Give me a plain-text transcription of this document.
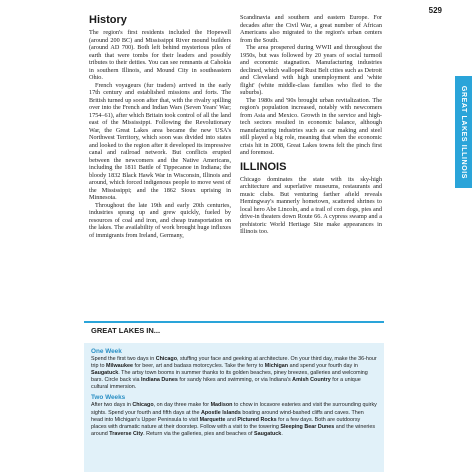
529
GREAT LAKES ILLINOIS
History

The region's first residents included the Hopewell (around 200 BC) and Mississippi River mound builders (around AD 700). Both left behind mysterious piles of earth that were tombs for their leaders and possibly tributes to their deities. You can see remnants at Cahokia in southern Illinois, and Mound City in southeastern Ohio.

French voyageurs (fur traders) arrived in the early 17th century and established missions and forts. The British turned up soon after that, with the rivalry spilling over into the French and Indian Wars (Seven Years' War; 1754–61), after which Britain took control of all the land east of the Mississippi. Following the Revolutionary War, the Great Lakes area became the new USA's Northwest Territory, which soon was divided into states and looked to the region after it developed its impressive canal and railroad network. But conflicts erupted between the newcomers and the Native Americans, including the 1811 Battle of Tippecanoe in Indiana; the bloody 1832 Black Hawk War in Wisconsin, Illinois and around, which forced indigenous people to move west of the Mississippi; and the 1862 Sioux uprising in Minnesota.

Throughout the late 19th and early 20th centuries, industries sprang up and grew quickly, fueled by resources of coal and iron, and cheap transportation on the lakes. The availability of work brought huge influxes of immigrants from Ireland, Germany,

Scandinavia and southern and eastern Europe. For decades after the Civil War, a great number of African Americans also migrated to the region's urban centers from the South.

The area prospered during WWII and throughout the 1950s, but was followed by 20 years of social turmoil and economic stagnation. Manufacturing industries declined, which walloped Rust Belt cities such as Detroit and Cleveland with high unemployment and 'white flight' (white middle-class families who fled to the suburbs).

The 1980s and '90s brought urban revitalization. The region's population increased, notably with newcomers from Asia and Mexico. Growth in the service and high-tech sectors resulted in economic balance, although manufacturing industries such as car making and steel still played a big role, meaning that when the economic crisis hit in 2008, Great Lakes towns felt the pinch first and foremost.

ILLINOIS

Chicago dominates the state with its sky-high architecture and superlative museums, restaurants and music clubs. But venturing farther afield reveals Hemingway's mannerly hometown, scattered shrines to local hero Abe Lincoln, and a trail of corn dogs, pies and drive-in theaters down Route 66. A cypress swamp and a prehistoric World Heritage Site make appearances in Illinois too.

GREAT LAKES IN...
One Week

Spend the first two days in Chicago, stuffing your face and geeking at architecture. On your third day, make the 36-hour trip to Milwaukee for beer, art and badass motorcycles. Take the ferry to Michigan and spend your fourth day in Saugatuck. The artsy town booms in summer thanks to its golden beaches, piney breezes, galleries and welcoming bars. Circle back via Indiana Dunes for sandy hikes and swimming, or via Indiana's Amish Country for a unique cultural immersion.

Two Weeks

After two days in Chicago, on day three make for Madison to chow in locavore eateries and visit the surrounding quirky sights. Spend your fourth and fifth days at the Apostle Islands boating around wind-bashed cliffs and caves. Then head into Michigan's Upper Peninsula to visit Marquette and Pictured Rocks for a few days. Both are outdoorsy places with dramatic nature at their doorstep. Follow with a visit to the towering Sleeping Bear Dunes and the wineries around Traverse City. Return via the galleries, pies and beaches of Saugatuck.
